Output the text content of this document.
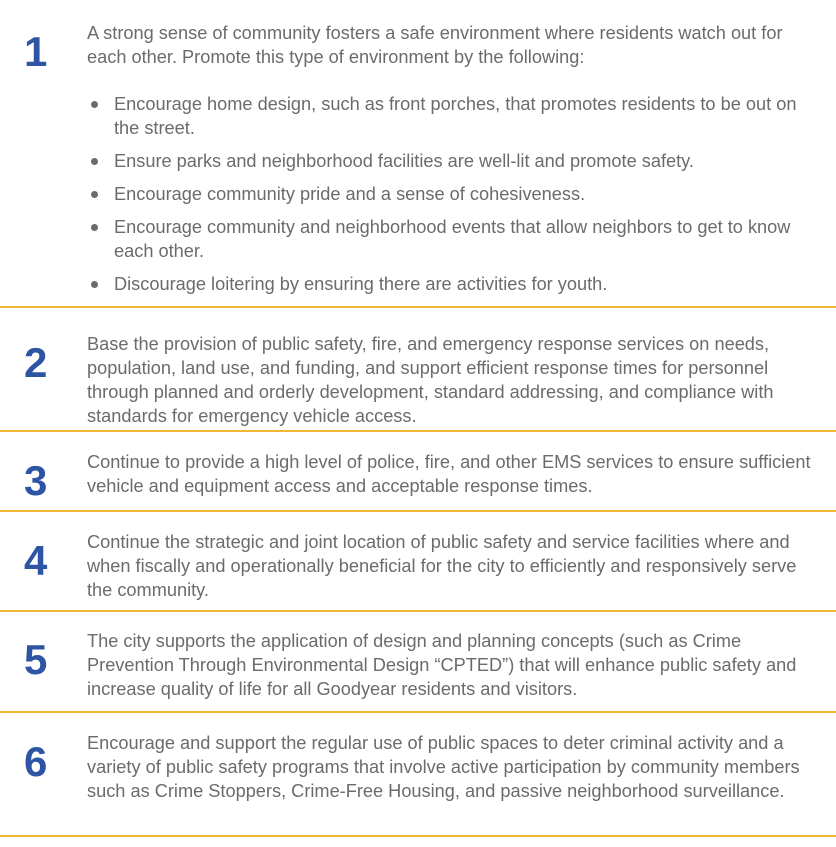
1	A strong sense of community fosters a safe environment where residents watch out for each other. Promote this type of environment by the following:

Encourage home design, such as front porches, that promotes residents to be out on the street.
Ensure parks and neighborhood facilities are well-lit and promote safety.
Encourage community pride and a sense of cohesiveness.
Encourage community and neighborhood events that allow neighbors to get to know each other.
Discourage loitering by ensuring there are activities for youth.
2	Base the provision of public safety, fire, and emergency response services on needs, population, land use, and funding, and support efficient response times for personnel through planned and orderly development, standard addressing, and compliance with standards for emergency vehicle access.

3	Continue to provide a high level of police, fire, and other EMS services to ensure sufficient vehicle and equipment access and acceptable response times.

4	Continue the strategic and joint location of public safety and service facilities where and when fiscally and operationally beneficial for the city to efficiently and responsively serve the community.

5	The city supports the application of design and planning concepts (such as Crime Prevention Through Environmental Design “CPTED”) that will enhance public safety and increase quality of life for all Goodyear residents and visitors.

6	Encourage and support the regular use of public spaces to deter criminal activity and a variety of public safety programs that involve active participation by community members such as Crime Stoppers, Crime-Free Housing, and passive neighborhood surveillance.
